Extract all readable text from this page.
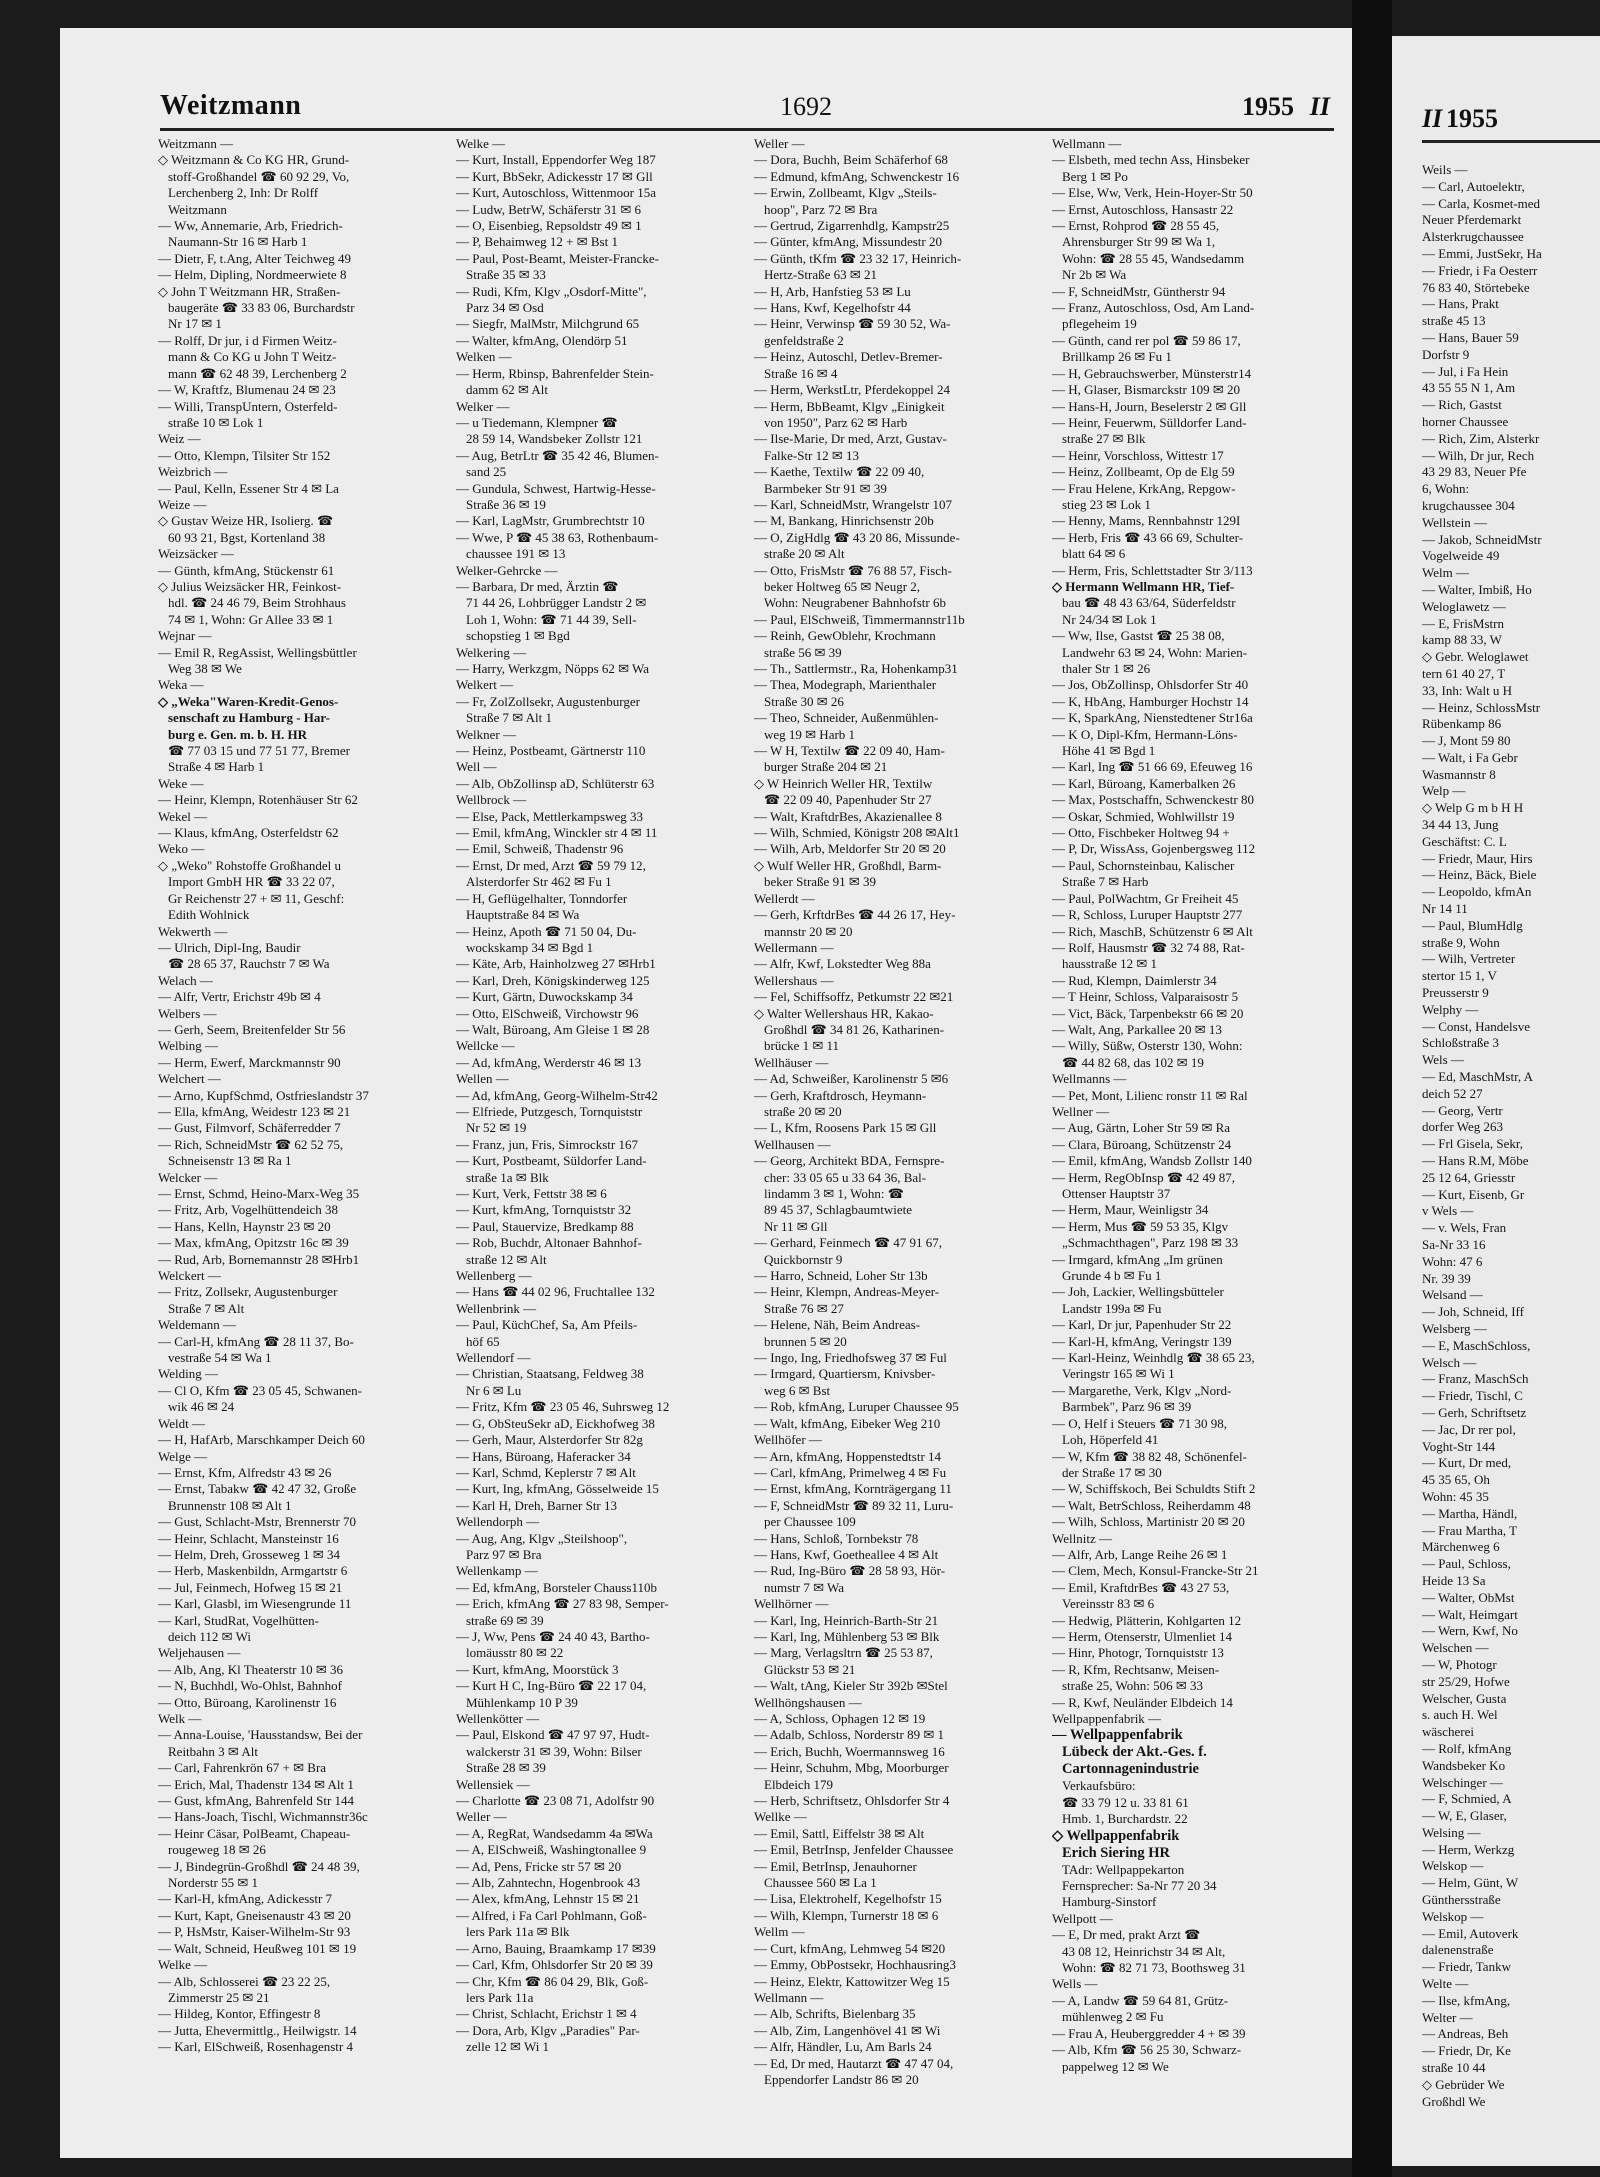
Weitzmann	1692	1955 II
Weitzmann —
◇ Weitzmann & Co KG HR, Grund-
stoff-Großhandel ☎ 60 92 29, Vo,
Lerchenberg 2, Inh: Dr Rolff
Weitzmann
— Ww, Annemarie, Arb, Friedrich-
Naumann-Str 16 ✉ Harb 1
— Dietr, F, t.Ang, Alter Teichweg 49
— Helm, Dipling, Nordmeerwiete 8
◇ John T Weitzmann HR, Straßen-
baugeräte ☎ 33 83 06, Burchardstr
Nr 17 ✉ 1
— Rolff, Dr jur, i d Firmen Weitz-
mann & Co KG u John T Weitz-
mann ☎ 62 48 39, Lerchenberg 2
— W, Kraftfz, Blumenau 24 ✉ 23
— Willi, TranspUntern, Osterfeld-
straße 10 ✉ Lok 1
Weiz —
— Otto, Klempn, Tilsiter Str 152
Weizbrich —
— Paul, Kelln, Essener Str 4 ✉ La
Weize —
◇ Gustav Weize HR, Isolierg. ☎
60 93 21, Bgst, Kortenland 38
Weizsäcker —
— Günth, kfmAng, Stückenstr 61
◇ Julius Weizsäcker HR, Feinkost-
hdl. ☎ 24 46 79, Beim Strohhaus
74 ✉ 1, Wohn: Gr Allee 33 ✉ 1
Wejnar —
— Emil R, RegAssist, Wellingsbüttler
Weg 38 ✉ We
Weka —
◇ „Weka"Waren-Kredit-Genos-
senschaft zu Hamburg - Har-
burg e. Gen. m. b. H. HR
☎ 77 03 15 und 77 51 77, Bremer
Straße 4 ✉ Harb 1
Weke —
— Heinr, Klempn, Rotenhäuser Str 62
Wekel —
— Klaus, kfmAng, Osterfeldstr 62
Weko —
◇ „Weko" Rohstoffe Großhandel u
Import GmbH HR ☎ 33 22 07,
Gr Reichenstr 27 + ✉ 11, Geschf:
Edith Wohlnick
Wekwerth —
— Ulrich, Dipl-Ing, Baudir
☎ 28 65 37, Rauchstr 7 ✉ Wa
Welach —
— Alfr, Vertr, Erichstr 49b ✉ 4
Welbers —
— Gerh, Seem, Breitenfelder Str 56
Welbing —
— Herm, Ewerf, Marckmannstr 90
Welchert —
— Arno, KupfSchmd, Ostfrieslandstr 37
— Ella, kfmAng, Weidestr 123 ✉ 21
— Gust, Filmvorf, Schäferredder 7
— Rich, SchneidMstr ☎ 62 52 75,
Schneisenstr 13 ✉ Ra 1
Welcker —
— Ernst, Schmd, Heino-Marx-Weg 35
— Fritz, Arb, Vogelhüttendeich 38
— Hans, Kelln, Haynstr 23 ✉ 20
— Max, kfmAng, Opitzstr 16c ✉ 39
— Rud, Arb, Bornemannstr 28 ✉Hrb1
Welckert —
— Fritz, Zollsekr, Augustenburger
Straße 7 ✉ Alt
Weldemann —
— Carl-H, kfmAng ☎ 28 11 37, Bo-
vestraße 54 ✉ Wa 1
Welding —
— Cl O, Kfm ☎ 23 05 45, Schwanen-
wik 46 ✉ 24
Weldt —
— H, HafArb, Marschkamper Deich 60
Welge —
— Ernst, Kfm, Alfredstr 43 ✉ 26
— Ernst, Tabakw ☎ 42 47 32, Große
Brunnenstr 108 ✉ Alt 1
— Gust, Schlacht-Mstr, Brennerstr 70
— Heinr, Schlacht, Mansteinstr 16
— Helm, Dreh, Grosseweg 1 ✉ 34
— Herb, Maskenbildn, Armgartstr 6
— Jul, Feinmech, Hofweg 15 ✉ 21
— Karl, Glasbl, im Wiesengrunde 11
— Karl, StudRat, Vogelhütten-
deich 112 ✉ Wi
Weljehausen —
— Alb, Ang, Kl Theaterstr 10 ✉ 36
— N, Buchhdl, Wo-Ohlst, Bahnhof
— Otto, Büroang, Karolinenstr 16
Welk —
— Anna-Louise, 'Hausstandsw, Bei der
Reitbahn 3 ✉ Alt
— Carl, Fahrenkrön 67 + ✉ Bra
— Erich, Mal, Thadenstr 134 ✉ Alt 1
— Gust, kfmAng, Bahrenfeld Str 144
— Hans-Joach, Tischl, Wichmannstr36c
— Heinr Cäsar, PolBeamt, Chapeau-
rougeweg 18 ✉ 26
— J, Bindegrün-Großhdl ☎ 24 48 39,
Norderstr 55 ✉ 1
— Karl-H, kfmAng, Adickesstr 7
— Kurt, Kapt, Gneisenaustr 43 ✉ 20
— P, HsMstr, Kaiser-Wilhelm-Str 93
— Walt, Schneid, Heußweg 101 ✉ 19
Welke —
— Alb, Schlosserei ☎ 23 22 25,
Zimmerstr 25 ✉ 21
— Hildeg, Kontor, Effingestr 8
— Jutta, Ehevermittlg., Heilwigstr. 14
— Karl, ElSchweiß, Rosenhagenstr 4
Welke —
— Kurt, Install, Eppendorfer Weg 187
— Kurt, BbSekr, Adickesstr 17 ✉ Gll
— Kurt, Autoschloss, Wittenmoor 15a
— Ludw, BetrW, Schäferstr 31 ✉ 6
— O, Eisenbieg, Repsoldstr 49 ✉ 1
— P, Behaimweg 12 + ✉ Bst 1
— Paul, Post-Beamt, Meister-Francke-
Straße 35 ✉ 33
— Rudi, Kfm, Klgv „Osdorf-Mitte",
Parz 34 ✉ Osd
— Siegfr, MalMstr, Milchgrund 65
— Walter, kfmAng, Olendörp 51
Welken —
— Herm, Rbinsp, Bahrenfelder Stein-
damm 62 ✉ Alt
Welker —
— u Tiedemann, Klempner ☎
28 59 14, Wandsbeker Zollstr 121
— Aug, BetrLtr ☎ 35 42 46, Blumen-
sand 25
— Gundula, Schwest, Hartwig-Hesse-
Straße 36 ✉ 19
— Karl, LagMstr, Grumbrechtstr 10
— Wwe, P ☎ 45 38 63, Rothenbaum-
chaussee 191 ✉ 13
Welker-Gehrcke —
— Barbara, Dr med, Ärztin ☎
71 44 26, Lohbrügger Landstr 2 ✉
Loh 1, Wohn: ☎ 71 44 39, Sell-
schopstieg 1 ✉ Bgd
Welkering —
— Harry, Werkzgm, Nöpps 62 ✉ Wa
Welkert —
— Fr, ZolZollsekr, Augustenburger
Straße 7 ✉ Alt 1
Welkner —
— Heinz, Postbeamt, Gärtnerstr 110
Well —
— Alb, ObZollinsp aD, Schlüterstr 63
Wellbrock —
— Else, Pack, Mettlerkampsweg 33
— Emil, kfmAng, Winckler str 4 ✉ 11
— Emil, Schweiß, Thadenstr 96
— Ernst, Dr med, Arzt ☎ 59 79 12,
Alsterdorfer Str 462 ✉ Fu 1
— H, Geflügelhalter, Tonndorfer
Hauptstraße 84 ✉ Wa
— Heinz, Apoth ☎ 71 50 04, Du-
wockskamp 34 ✉ Bgd 1
— Käte, Arb, Hainholzweg 27 ✉Hrb1
— Karl, Dreh, Königskinderweg 125
— Kurt, Gärtn, Duwockskamp 34
— Otto, ElSchweiß, Virchowstr 96
— Walt, Büroang, Am Gleise 1 ✉ 28
Wellcke —
— Ad, kfmAng, Werderstr 46 ✉ 13
Wellen —
— Ad, kfmAng, Georg-Wilhelm-Str42
— Elfriede, Putzgesch, Tornquiststr
Nr 52 ✉ 19
— Franz, jun, Fris, Simrockstr 167
— Kurt, Postbeamt, Süldorfer Land-
straße 1a ✉ Blk
— Kurt, Verk, Fettstr 38 ✉ 6
— Kurt, kfmAng, Tornquiststr 32
— Paul, Stauervize, Bredkamp 88
— Rob, Buchdr, Altonaer Bahnhof-
straße 12 ✉ Alt
Wellenberg —
— Hans ☎ 44 02 96, Fruchtallee 132
Wellenbrink —
— Paul, KüchChef, Sa, Am Pfeils-
höf 65
Wellendorf —
— Christian, Staatsang, Feldweg 38
Nr 6 ✉ Lu
— Fritz, Kfm ☎ 23 05 46, Suhrsweg 12
— G, ObSteuSekr aD, Eickhofweg 38
— Gerh, Maur, Alsterdorfer Str 82g
— Hans, Büroang, Haferacker 34
— Karl, Schmd, Keplerstr 7 ✉ Alt
— Kurt, Ing, kfmAng, Gösselweide 15
— Karl H, Dreh, Barner Str 13
Wellendorph —
— Aug, Ang, Klgv „Steilshoop",
Parz 97 ✉ Bra
Wellenkamp —
— Ed, kfmAng, Borsteler Chauss110b
— Erich, kfmAng ☎ 27 83 98, Semper-
straße 69 ✉ 39
— J, Ww, Pens ☎ 24 40 43, Bartho-
lomäusstr 80 ✉ 22
— Kurt, kfmAng, Moorstück 3
— Kurt H C, Ing-Büro ☎ 22 17 04,
Mühlenkamp 10 P 39
Wellenkötter —
— Paul, Elskond ☎ 47 97 97, Hudt-
walckerstr 31 ✉ 39, Wohn: Bilser
Straße 28 ✉ 39
Wellensiek —
— Charlotte ☎ 23 08 71, Adolfstr 90
Weller —
— A, RegRat, Wandsedamm 4a ✉Wa
— A, ElSchweiß, Washingtonallee 9
— Ad, Pens, Fricke str 57 ✉ 20
— Alb, Zahntechn, Hogenbrook 43
— Alex, kfmAng, Lehnstr 15 ✉ 21
— Alfred, i Fa Carl Pohlmann, Goß-
lers Park 11a ✉ Blk
— Arno, Bauing, Braamkamp 17 ✉39
— Carl, Kfm, Ohlsdorfer Str 20 ✉ 39
— Chr, Kfm ☎ 86 04 29, Blk, Goß-
lers Park 11a
— Christ, Schlacht, Erichstr 1 ✉ 4
— Dora, Arb, Klgv „Paradies" Par-
zelle 12 ✉ Wi 1
Weller —
— Dora, Buchh, Beim Schäferhof 68
— Edmund, kfmAng, Schwenckestr 16
— Erwin, Zollbeamt, Klgv „Steils-
hoop", Parz 72 ✉ Bra
— Gertrud, Zigarrenhdlg, Kampstr25
— Günter, kfmAng, Missundestr 20
— Günth, tKfm ☎ 23 32 17, Heinrich-
Hertz-Straße 63 ✉ 21
— H, Arb, Hanfstieg 53 ✉ Lu
— Hans, Kwf, Kegelhofstr 44
— Heinr, Verwinsp ☎ 59 30 52, Wa-
genfeldstraße 2
— Heinz, Autoschl, Detlev-Bremer-
Straße 16 ✉ 4
— Herm, WerkstLtr, Pferdekoppel 24
— Herm, BbBeamt, Klgv „Einigkeit
von 1950", Parz 62 ✉ Harb
— Ilse-Marie, Dr med, Arzt, Gustav-
Falke-Str 12 ✉ 13
— Kaethe, Textilw ☎ 22 09 40,
Barmbeker Str 91 ✉ 39
— Karl, SchneidMstr, Wrangelstr 107
— M, Bankang, Hinrichsenstr 20b
— O, ZigHdlg ☎ 43 20 86, Missunde-
straße 20 ✉ Alt
— Otto, FrisMstr ☎ 76 88 57, Fisch-
beker Holtweg 65 ✉ Neugr 2,
Wohn: Neugrabener Bahnhofstr 6b
— Paul, ElSchweiß, Timmermannstr11b
— Reinh, GewOblehr, Krochmann
straße 56 ✉ 39
— Th., Sattlermstr., Ra, Hohenkamp31
— Thea, Modegraph, Marienthaler
Straße 30 ✉ 26
— Theo, Schneider, Außenmühlen-
weg 19 ✉ Harb 1
— W H, Textilw ☎ 22 09 40, Ham-
burger Straße 204 ✉ 21
◇ W Heinrich Weller HR, Textilw
☎ 22 09 40, Papenhuder Str 27
— Walt, KraftdrBes, Akazienallee 8
— Wilh, Schmied, Königstr 208 ✉Alt1
— Wilh, Arb, Meldorfer Str 20 ✉ 20
◇ Wulf Weller HR, Großhdl, Barm-
beker Straße 91 ✉ 39
Wellerdt —
— Gerh, KrftdrBes ☎ 44 26 17, Hey-
mannstr 20 ✉ 20
Wellermann —
— Alfr, Kwf, Lokstedter Weg 88a
Wellershaus —
— Fel, Schiffsoffz, Petkumstr 22 ✉21
◇ Walter Wellershaus HR, Kakao-
Großhdl ☎ 34 81 26, Katharinen-
brücke 1 ✉ 11
Wellhäuser —
— Ad, Schweißer, Karolinenstr 5 ✉6
— Gerh, Kraftdrosch, Heymann-
straße 20 ✉ 20
— L, Kfm, Roosens Park 15 ✉ Gll
Wellhausen —
— Georg, Architekt BDA, Fernspre-
cher: 33 05 65 u 33 64 36, Bal-
lindamm 3 ✉ 1, Wohn: ☎
89 45 37, Schlagbaumtwiete
Nr 11 ✉ Gll
— Gerhard, Feinmech ☎ 47 91 67,
Quickbornstr 9
— Harro, Schneid, Loher Str 13b
— Heinr, Klempn, Andreas-Meyer-
Straße 76 ✉ 27
— Helene, Näh, Beim Andreas-
brunnen 5 ✉ 20
— Ingo, Ing, Friedhofsweg 37 ✉ Ful
— Irmgard, Quartiersm, Knivsber-
weg 6 ✉ Bst
— Rob, kfmAng, Luruper Chaussee 95
— Walt, kfmAng, Eibeker Weg 210
Wellhöfer —
— Arn, kfmAng, Hoppenstedtstr 14
— Carl, kfmAng, Primelweg 4 ✉ Fu
— Ernst, kfmAng, Kornträgergang 11
— F, SchneidMstr ☎ 89 32 11, Luru-
per Chaussee 109
— Hans, Schloß, Tornbekstr 78
— Hans, Kwf, Goetheallee 4 ✉ Alt
— Rud, Ing-Büro ☎ 28 58 93, Hör-
numstr 7 ✉ Wa
Wellhörner —
— Karl, Ing, Heinrich-Barth-Str 21
— Karl, Ing, Mühlenberg 53 ✉ Blk
— Marg, Verlagsltrn ☎ 25 53 87,
Glückstr 53 ✉ 21
— Walt, tAng, Kieler Str 392b ✉Stel
Wellhöngshausen —
— A, Schloss, Ophagen 12 ✉ 19
— Adalb, Schloss, Norderstr 89 ✉ 1
— Erich, Buchh, Woermannsweg 16
— Heinr, Schuhm, Mbg, Moorburger
Elbdeich 179
— Herb, Schriftsetz, Ohlsdorfer Str 4
Wellke —
— Emil, Sattl, Eiffelstr 38 ✉ Alt
— Emil, BetrInsp, Jenfelder Chaussee
— Emil, BetrInsp, Jenauhorner
Chaussee 560 ✉ La 1
— Lisa, Elektrohelf, Kegelhofstr 15
— Wilh, Klempn, Turnerstr 18 ✉ 6
Wellm —
— Curt, kfmAng, Lehmweg 54 ✉20
— Emmy, ObPostsekr, Hochhausring3
— Heinz, Elektr, Kattowitzer Weg 15
Wellmann —
— Alb, Schrifts, Bielenbarg 35
— Alb, Zim, Langenhövel 41 ✉ Wi
— Alfr, Händler, Lu, Am Barls 24
— Ed, Dr med, Hautarzt ☎ 47 47 04,
Eppendorfer Landstr 86 ✉ 20
Wellmann —
— Elsbeth, med techn Ass, Hinsbeker
Berg 1 ✉ Po
— Else, Ww, Verk, Hein-Hoyer-Str 50
— Ernst, Autoschloss, Hansastr 22
— Ernst, Rohprod ☎ 28 55 45,
Ahrensburger Str 99 ✉ Wa 1,
Wohn: ☎ 28 55 45, Wandsedamm
Nr 2b ✉ Wa
— F, SchneidMstr, Güntherstr 94
— Franz, Autoschloss, Osd, Am Land-
pflegeheim 19
— Günth, cand rer pol ☎ 59 86 17,
Brillkamp 26 ✉ Fu 1
— H, Gebrauchswerber, Münsterstr14
— H, Glaser, Bismarckstr 109 ✉ 20
— Hans-H, Journ, Beselerstr 2 ✉ Gll
— Heinr, Feuerwm, Sülldorfer Land-
straße 27 ✉ Blk
— Heinr, Vorschloss, Wittestr 17
— Heinz, Zollbeamt, Op de Elg 59
— Frau Helene, KrkAng, Repgow-
stieg 23 ✉ Lok 1
— Henny, Mams, Rennbahnstr 129I
— Herb, Fris ☎ 43 66 69, Schulter-
blatt 64 ✉ 6
— Herm, Fris, Schlettstadter Str 3/113
◇ Hermann Wellmann HR, Tief-
bau ☎ 48 43 63/64, Süderfeldstr
Nr 24/34 ✉ Lok 1
— Ww, Ilse, Gastst ☎ 25 38 08,
Landwehr 63 ✉ 24, Wohn: Marien-
thaler Str 1 ✉ 26
— Jos, ObZollinsp, Ohlsdorfer Str 40
— K, HbAng, Hamburger Hochstr 14
— K, SparkAng, Nienstedtener Str16a
— K O, Dipl-Kfm, Hermann-Löns-
Höhe 41 ✉ Bgd 1
— Karl, Ing ☎ 51 66 69, Efeuweg 16
— Karl, Büroang, Kamerbalken 26
— Max, Postschaffn, Schwenckestr 80
— Oskar, Schmied, Wohlwillstr 19
— Otto, Fischbeker Holtweg 94 +
— P, Dr, WissAss, Gojenbergsweg 112
— Paul, Schornsteinbau, Kalischer
Straße 7 ✉ Harb
— Paul, PolWachtm, Gr Freiheit 45
— R, Schloss, Luruper Hauptstr 277
— Rich, MaschB, Schützenstr 6 ✉ Alt
— Rolf, Hausmstr ☎ 32 74 88, Rat-
hausstraße 12 ✉ 1
— Rud, Klempn, Daimlerstr 34
— T Heinr, Schloss, Valparaisostr 5
— Vict, Bäck, Tarpenbekstr 66 ✉ 20
— Walt, Ang, Parkallee 20 ✉ 13
— Willy, Süßw, Osterstr 130, Wohn:
☎ 44 82 68, das 102 ✉ 19
Wellmanns —
— Pet, Mont, Lilienc ronstr 11 ✉ Ral
Wellner —
— Aug, Gärtn, Loher Str 59 ✉ Ra
— Clara, Büroang, Schützenstr 24
— Emil, kfmAng, Wandsb Zollstr 140
— Herm, RegObInsp ☎ 42 49 87,
Ottenser Hauptstr 37
— Herm, Maur, Weinligstr 34
— Herm, Mus ☎ 59 53 35, Klgv
„Schmachthagen", Parz 198 ✉ 33
— Irmgard, kfmAng „Im grünen
Grunde 4 b ✉ Fu 1
— Joh, Lackier, Wellingsbütteler
Landstr 199a ✉ Fu
— Karl, Dr jur, Papenhuder Str 22
— Karl-H, kfmAng, Veringstr 139
— Karl-Heinz, Weinhdlg ☎ 38 65 23,
Veringstr 165 ✉ Wi 1
— Margarethe, Verk, Klgv „Nord-
Barmbek", Parz 96 ✉ 39
— O, Helf i Steuers ☎ 71 30 98,
Loh, Höperfeld 41
— W, Kfm ☎ 38 82 48, Schönenfel-
der Straße 17 ✉ 30
— W, Schiffskoch, Bei Schuldts Stift 2
— Walt, BetrSchloss, Reiherdamm 48
— Wilh, Schloss, Martinistr 20 ✉ 20
Wellnitz —
— Alfr, Arb, Lange Reihe 26 ✉ 1
— Clem, Mech, Konsul-Francke-Str 21
— Emil, KraftdrBes ☎ 43 27 53,
Vereinsstr 83 ✉ 6
— Hedwig, Plätterin, Kohlgarten 12
— Herm, Otenserstr, Ulmenliet 14
— Hinr, Photogr, Tornquiststr 13
— R, Kfm, Rechtsanw, Meisen-
straße 25, Wohn: 506 ✉ 33
— R, Kwf, Neuländer Elbdeich 14
Wellpappenfabrik —
— Wellpappenfabrik
Lübeck der Akt.-Ges. f.
Cartonnagenindustrie
Verkaufsbüro:
☎ 33 79 12 u. 33 81 61
Hmb. 1, Burchardstr. 22
◇ Wellpappenfabrik
Erich Siering HR
TAdr: Wellpappekarton
Fernsprecher: Sa-Nr 77 20 34
Hamburg-Sinstorf
Wellpott —
— E, Dr med, prakt Arzt ☎
43 08 12, Heinrichstr 34 ✉ Alt,
Wohn: ☎ 82 71 73, Boothsweg 31
Wells —
— A, Landw ☎ 59 64 81, Grütz-
mühlenweg 2 ✉ Fu
— Frau A, Heuberggredder 4 + ✉ 39
— Alb, Kfm ☎ 56 25 30, Schwarz-
pappelweg 12 ✉ We
II 1955
Weils —
— Carl, Autoelektr,
— Carla, Kosmet-med
Neuer Pferdemarkt
Alsterkrugchaussee
— Emmi, JustSekr, Ha
— Friedr, i Fa Oesterr
76 83 40, Störtebeke
— Hans, Prakt
straße 45 13
— Hans, Bauer 59
Dorfstr 9
— Jul, i Fa Hein
43 55 55 N 1, Am
— Rich, Gastst
horner Chaussee
— Rich, Zim, Alsterkr
— Wilh, Dr jur, Rech
43 29 83, Neuer Pfe
6, Wohn:
krugchaussee 304
Wellstein —
— Jakob, SchneidMstr
Vogelweide 49
Welm —
— Walter, Imbiß, Ho
Weloglawetz —
— E, FrisMstrn
kamp 88 33, W
◇ Gebr. Weloglawet
tern 61 40 27, T
33, Inh: Walt u H
— Heinz, SchlossMstr
Rübenkamp 86
— J, Mont 59 80
— Walt, i Fa Gebr
Wasmannstr 8
Welp —
◇ Welp G m b H H
34 44 13, Jung
Geschäftst: C. L
— Friedr, Maur, Hirs
— Heinz, Bäck, Biele
— Leopoldo, kfmAn
Nr 14 11
— Paul, BlumHdlg
straße 9, Wohn
— Wilh, Vertreter
stertor 15 1, V
Preusserstr 9
Welphy —
— Const, Handelsve
Schloßstraße 3
Wels —
— Ed, MaschMstr, A
deich 52 27
— Georg, Vertr
dorfer Weg 263
— Frl Gisela, Sekr,
— Hans R.M, Möbe
25 12 64, Griesstr
— Kurt, Eisenb, Gr
v Wels —
— v. Wels, Fran
Sa-Nr 33 16
Wohn: 47 6
Nr. 39 39
Welsand —
— Joh, Schneid, Iff
Welsberg —
— E, MaschSchloss,
Welsch —
— Franz, MaschSch
— Friedr, Tischl, C
— Gerh, Schriftsetz
— Jac, Dr rer pol,
Voght-Str 144
— Kurt, Dr med,
45 35 65, Oh
Wohn: 45 35
— Martha, Händl,
— Frau Martha, T
Märchenweg 6
— Paul, Schloss,
Heide 13 Sa
— Walter, ObMst
— Walt, Heimgart
— Wern, Kwf, No
Welschen —
— W, Photogr
str 25/29, Hofwe
Welscher, Gusta
s. auch H. Wel
wäscherei
— Rolf, kfmAng
Wandsbeker Ko
Welschinger —
— F, Schmied, A
— W, E, Glaser,
Welsing —
— Herm, Werkzg
Welskop —
— Helm, Günt, W
Günthersstraße
Welskop —
— Emil, Autoverk
dalenenstraße
— Friedr, Tankw
Welte —
— Ilse, kfmAng,
Welter —
— Andreas, Beh
— Friedr, Dr, Ke
straße 10 44
◇ Gebrüder We
Großhdl We
